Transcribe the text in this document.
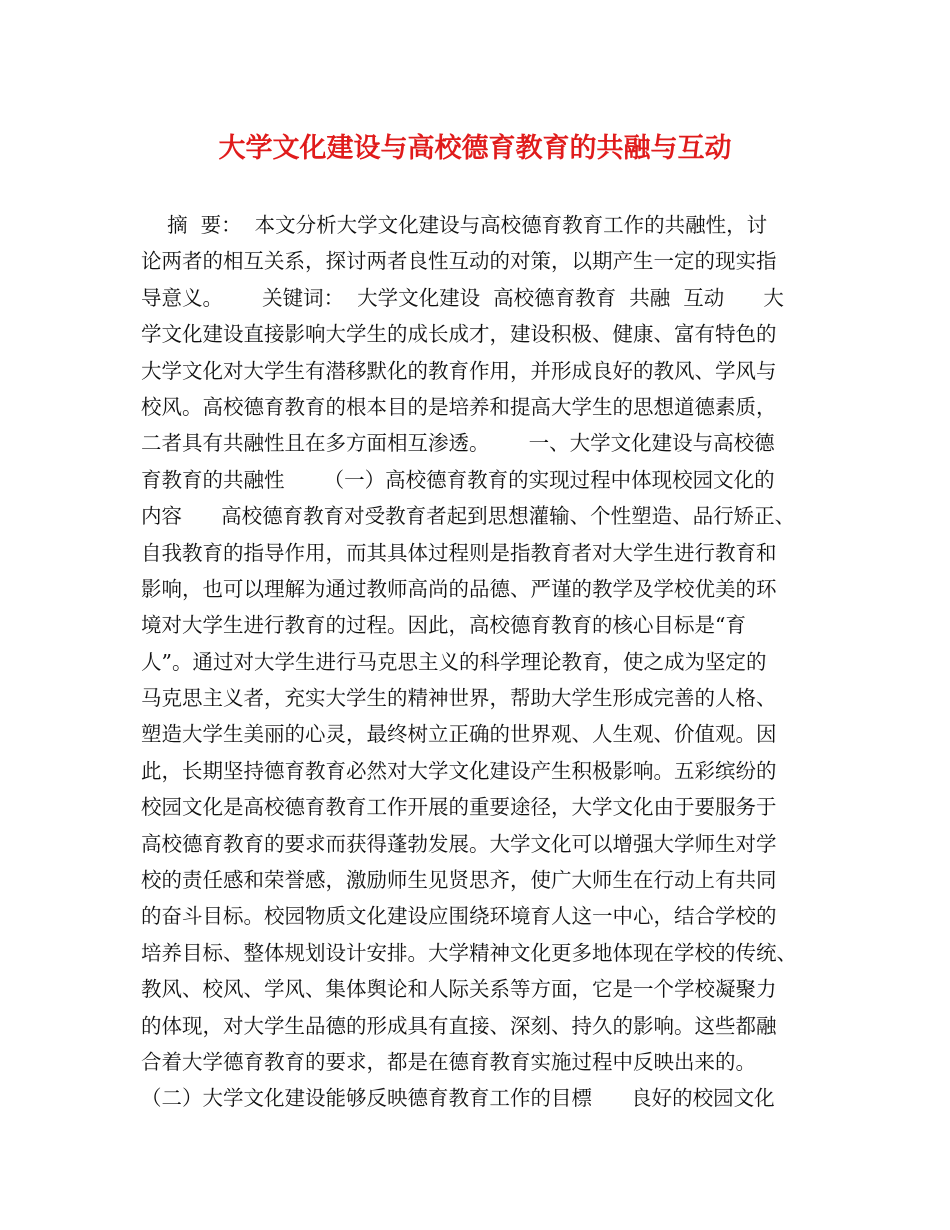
大学文化建设与高校德育教育的共融与互动
摘  要：  本文分析大学文化建设与高校德育教育工作的共融性，讨
论两者的相互关系，探讨两者良性互动的对策，以期产生一定的现实指
导意义。      关键词：  大学文化建设  高校德育教育  共融  互动      大
学文化建设直接影响大学生的成长成才，建设积极、健康、富有特色的
大学文化对大学生有潜移默化的教育作用，并形成良好的教风、学风与
校风。高校德育教育的根本目的是培养和提高大学生的思想道德素质，
二者具有共融性且在多方面相互渗透。      一、大学文化建设与高校德
育教育的共融性      （一）高校德育教育的实现过程中体现校园文化的
内容      高校德育教育对受教育者起到思想灌输、个性塑造、品行矫正、
自我教育的指导作用，而其具体过程则是指教育者对大学生进行教育和
影响，也可以理解为通过教师高尚的品德、严谨的教学及学校优美的环
境对大学生进行教育的过程。因此，高校德育教育的核心目标是“育
人”。通过对大学生进行马克思主义的科学理论教育，使之成为坚定的
马克思主义者，充实大学生的精神世界，帮助大学生形成完善的人格、
塑造大学生美丽的心灵，最终树立正确的世界观、人生观、价值观。因
此，长期坚持德育教育必然对大学文化建设产生积极影响。五彩缤纷的
校园文化是高校德育教育工作开展的重要途径，大学文化由于要服务于
高校德育教育的要求而获得蓬勃发展。大学文化可以增强大学师生对学
校的责任感和荣誉感，激励师生见贤思齐，使广大师生在行动上有共同
的奋斗目标。校园物质文化建设应围绕环境育人这一中心，结合学校的
培养目标、整体规划设计安排。大学精神文化更多地体现在学校的传统、
教风、校风、学风、集体舆论和人际关系等方面，它是一个学校凝聚力
的体现，对大学生品德的形成具有直接、深刻、持久的影响。这些都融
合着大学德育教育的要求，都是在德育教育实施过程中反映出来的。
（二）大学文化建设能够反映德育教育工作的目標      良好的校园文化
